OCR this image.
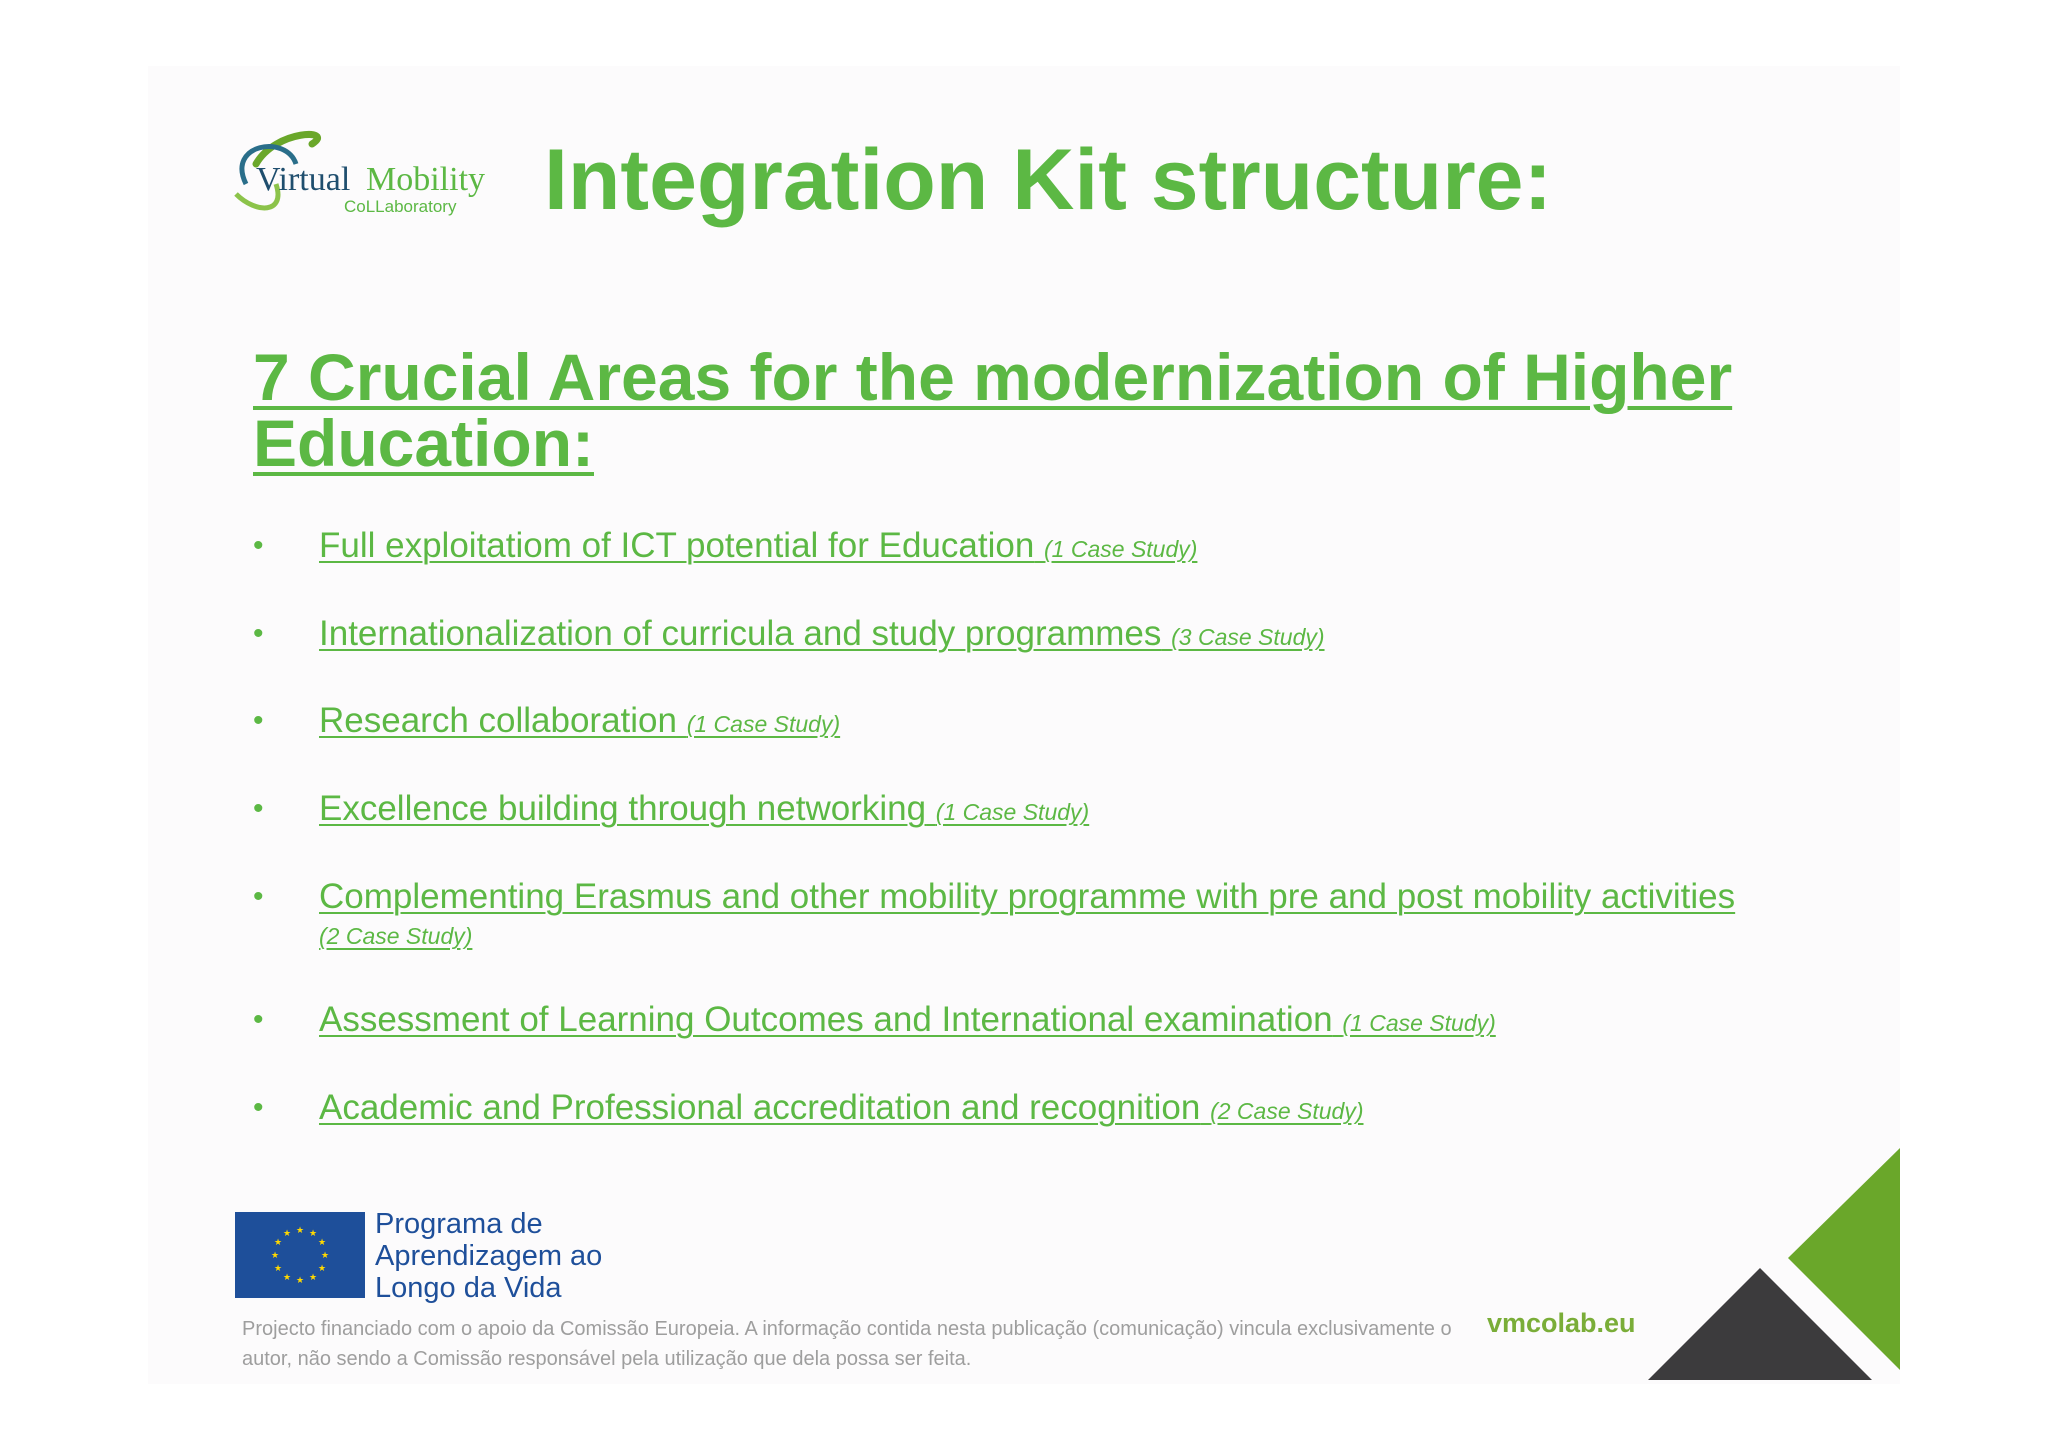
Virtual Mobility
CoLLaboratory Integration Kit structure:
7 Crucial Areas for the modernization of Higher Education:
•	Full exploitatiom of ICT potential for Education (1 Case Study)
•	Internationalization of curricula and study programmes (3 Case Study)
•	Research collaboration (1 Case Study)
•	Excellence building through networking (1 Case Study)
•	Complementing Erasmus and other mobility programme with pre and post mobility activities (2 Case Study)
•	Assessment of Learning Outcomes and International examination (1 Case Study)
•	Academic and Professional accreditation and recognition (2 Case Study)
★ ★
★
★
★
★
★
★
★
★
★
★	Programa de
Aprendizagem ao
Longo da Vida
Projecto financiado com o apoio da Comissão Europeia. A informação contida nesta publicação (comunicação) vincula exclusivamente o autor, não sendo a Comissão responsável pela utilização que dela possa ser feita.
vmcolab.eu
